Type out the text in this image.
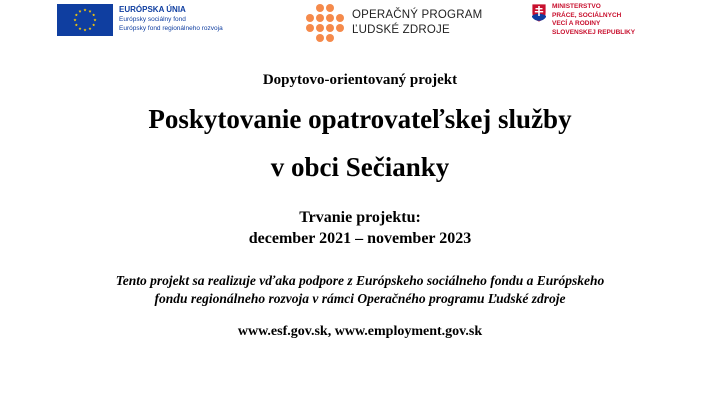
EURÓPSKA ÚNIA
Európsky sociálny fond
Európsky fond regionálneho rozvoja
OPERAČNÝ PROGRAM
ĽUDSKÉ ZDROJE
MINISTERSTVO
PRÁCE, SOCIÁLNYCH
VECÍ A RODINY
SLOVENSKEJ REPUBLIKY
Dopytovo-orientovaný projekt
Poskytovanie opatrovateľskej služby
v obci Sečianky
Trvanie projektu:
december 2021 – november 2023
Tento projekt sa realizuje vďaka podpore z Európskeho sociálneho fondu a Európskeho
fondu regionálneho rozvoja v rámci Operačného programu Ľudské zdroje
www.esf.gov.sk, www.employment.gov.sk
